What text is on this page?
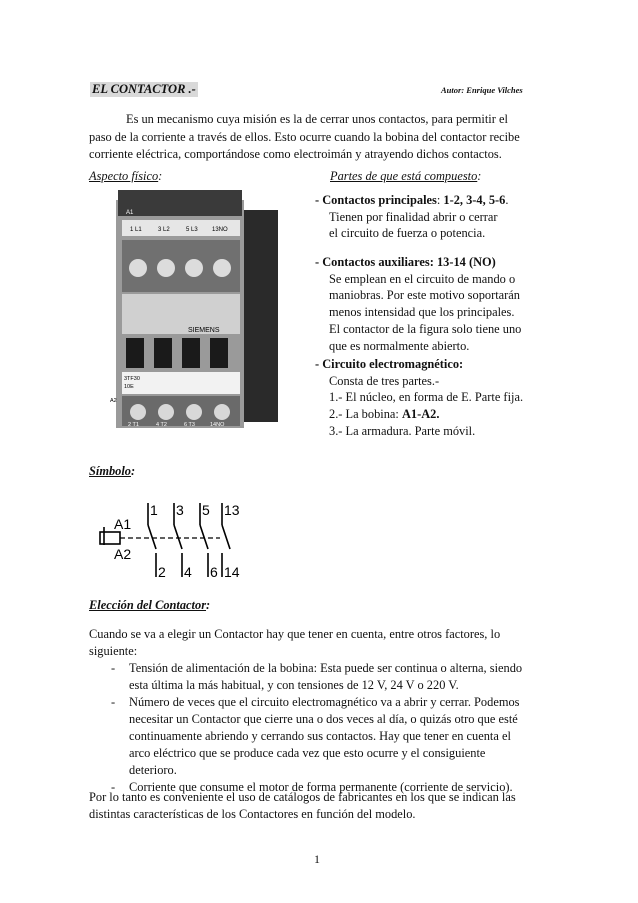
EL CONTACTOR .-	Autor: Enrique Vilches
Es un mecanismo cuya misión es la de cerrar unos contactos, para permitir el
paso de la corriente a través de ellos. Esto ocurre cuando la bobina del contactor recibe
corriente eléctrica, comportándose como electroimán y atrayendo dichos contactos.
Aspecto físico:	Partes de que está compuesto:
1 L1	3 L2	5 L3 13NO
A1
SIEMENS
3TF30
10E
2 T1	4 T2	6 T3	14NO
A2
- Contactos principales: 1-2, 3-4, 5-6.
Tienen por finalidad abrir o cerrar
el circuito de fuerza o potencia.
- Contactos auxiliares: 13-14 (NO)
Se emplean en el circuito de mando o
maniobras. Por este motivo soportarán
menos intensidad que los principales.
El contactor de la figura solo tiene uno
que es normalmente abierto.
- Circuito electromagnético:
Consta de tres partes.-
1.- El núcleo, en forma de E. Parte fija.
2.- La bobina: A1-A2.
3.- La armadura. Parte móvil.
Símbolo:
A1
A2
1 3 5 13
2 4 6 14
Elección del Contactor:
Cuando se va a elegir un Contactor hay que tener en cuenta, entre otros factores, lo
siguiente:
- Tensión de alimentación de la bobina: Esta puede ser continua o alterna, siendo
esta última la más habitual, y con tensiones de 12 V, 24 V o 220 V.
- Número de veces que el circuito electromagnético va a abrir y cerrar. Podemos
necesitar un Contactor que cierre una o dos veces al día, o quizás otro que esté
continuamente abriendo y cerrando sus contactos. Hay que tener en cuenta el
arco eléctrico que se produce cada vez que esto ocurre y el consiguiente
deterioro.
- Corriente que consume el motor de forma permanente (corriente de servicio).
Por lo tanto es conveniente el uso de catálogos de fabricantes en los que se indican las
distintas características de los Contactores en función del modelo.
1
